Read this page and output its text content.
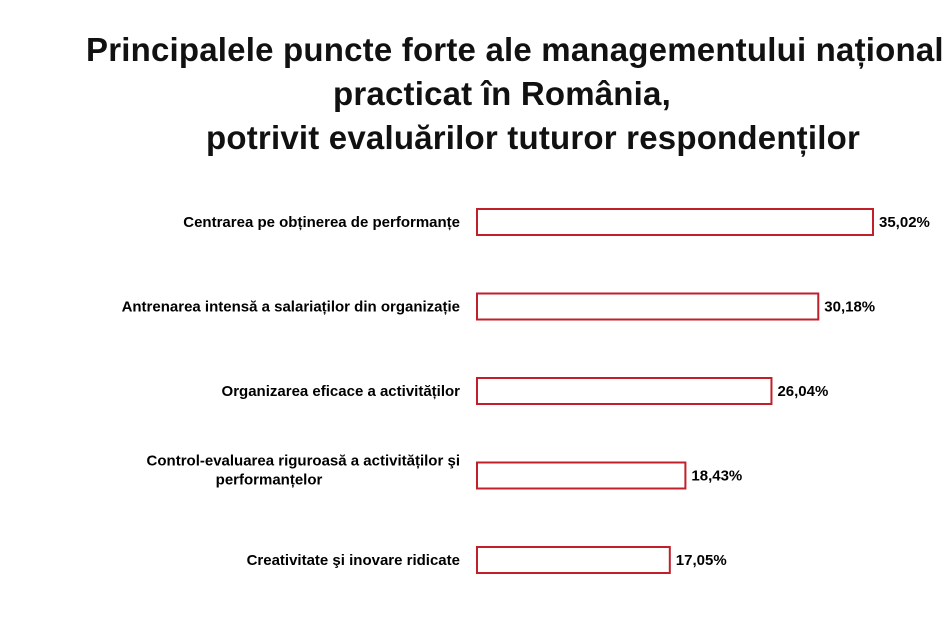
Principalele puncte forte ale managementului național
practicat în România,
potrivit evaluărilor tuturor respondenților
35,02%
Centrarea pe obținerea de performanțe
30,18%
Antrenarea intensă a salariaților din organizație
26,04%
Organizarea eficace a activităților
18,43%
Control-evaluarea riguroasă a activităților şi performanțelor
17,05%
Creativitate şi inovare ridicate
